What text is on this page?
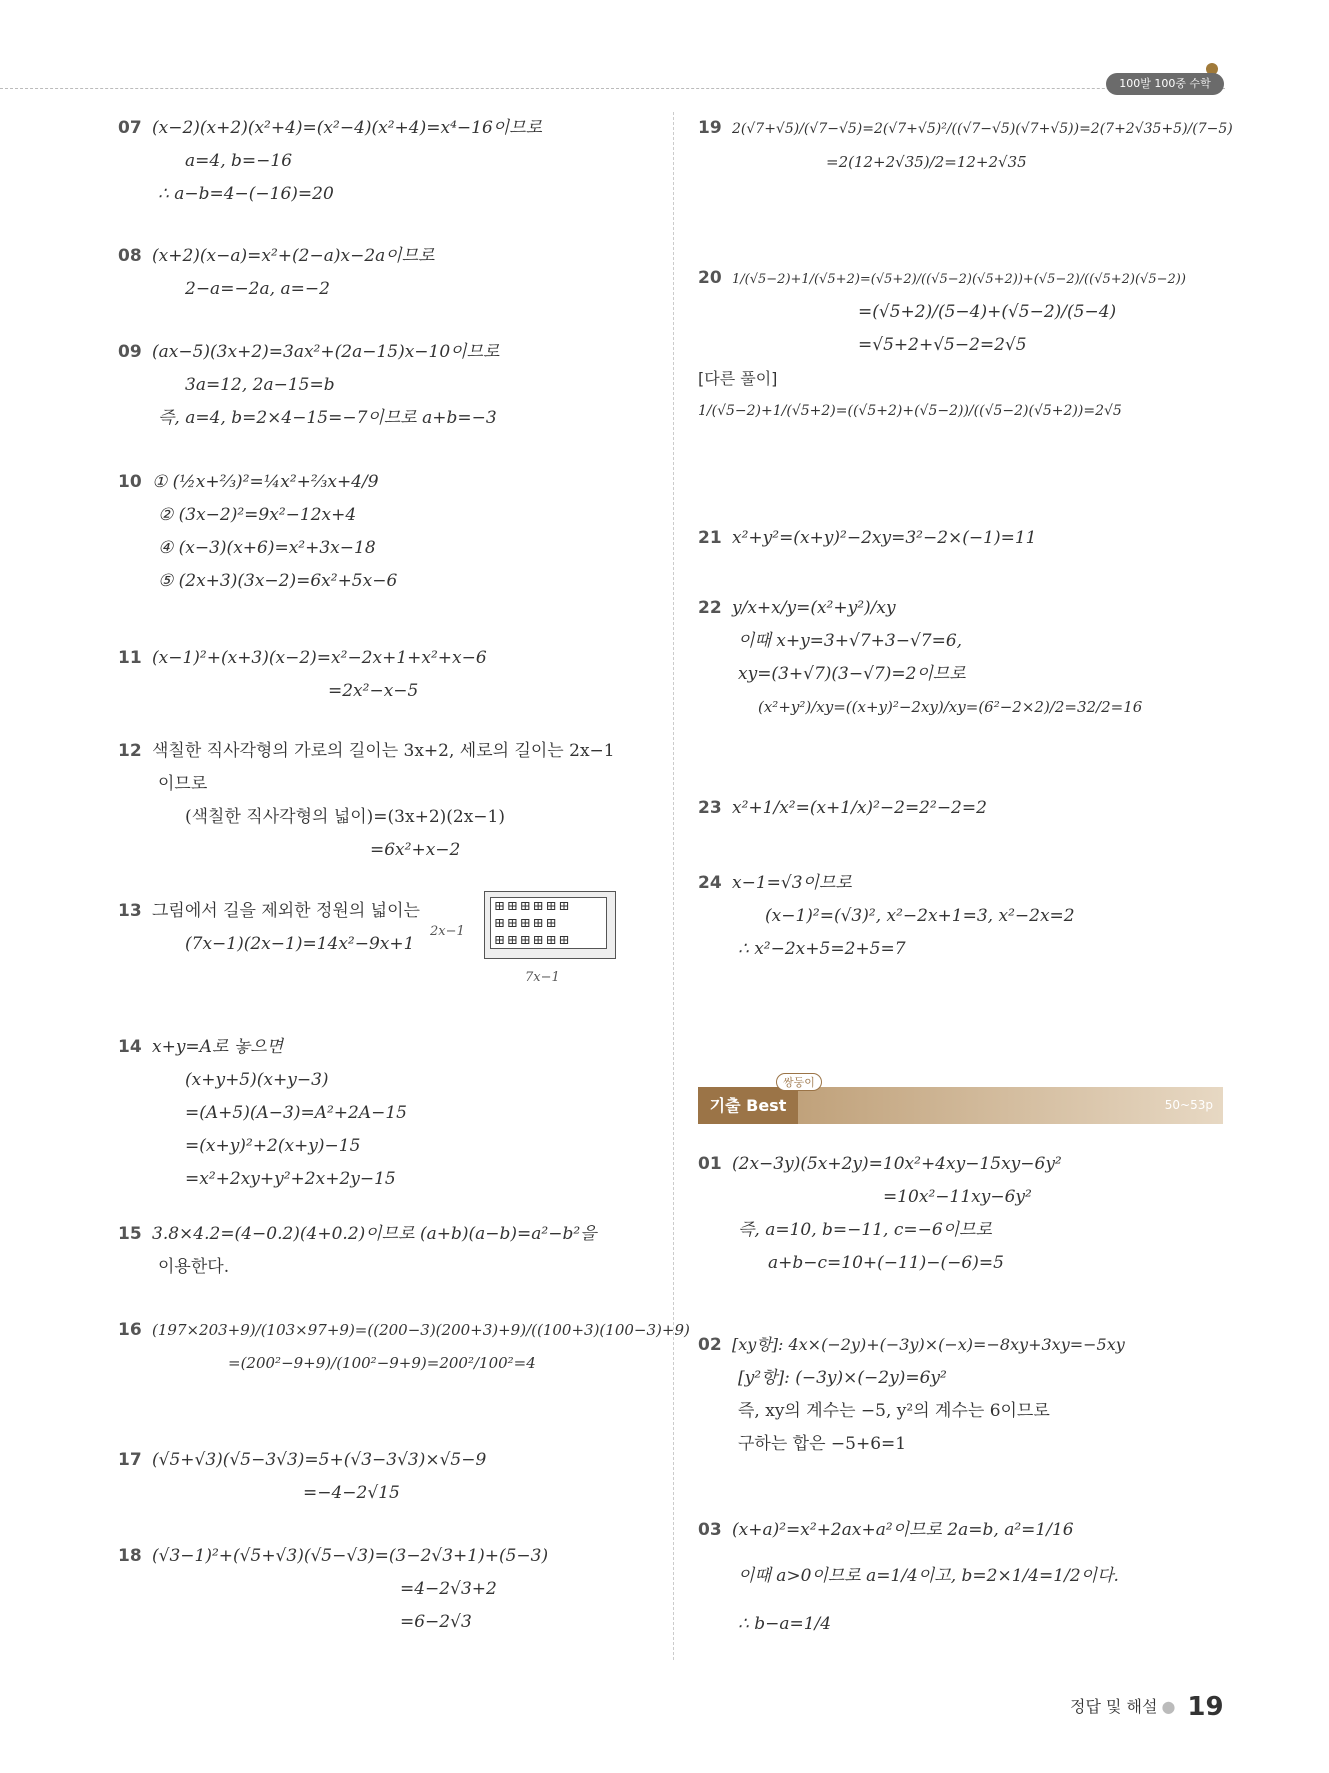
100발 100중 수학
07 (x−2)(x+2)(x²+4)=(x²−4)(x²+4)=x⁴−16이므로
a=4, b=−16
∴ a−b=4−(−16)=20
08 (x+2)(x−a)=x²+(2−a)x−2a이므로
2−a=−2a, a=−2
09 (ax−5)(3x+2)=3ax²+(2a−15)x−10이므로
3a=12, 2a−15=b
즉, a=4, b=2×4−15=−7이므로 a+b=−3
10 ① (½x+⅔)²=¼x²+⅔x+4/9
② (3x−2)²=9x²−12x+4
④ (x−3)(x+6)=x²+3x−18
⑤ (2x+3)(3x−2)=6x²+5x−6
11 (x−1)²+(x+3)(x−2)=x²−2x+1+x²+x−6
=2x²−x−5
12 색칠한 직사각형의 가로의 길이는 3x+2, 세로의 길이는 2x−1
이므로
(색칠한 직사각형의 넓이)=(3x+2)(2x−1)
=6x²+x−2
13 그림에서 길을 제외한 정원의 넓이는
(7x−1)(2x−1)=14x²−9x+1
⊞⊞⊞⊞⊞⊞ ⊞⊞⊞⊞⊞ ⊞⊞⊞⊞⊞⊞
2x−1
7x−1
14 x+y=A로 놓으면
(x+y+5)(x+y−3)
=(A+5)(A−3)=A²+2A−15
=(x+y)²+2(x+y)−15
=x²+2xy+y²+2x+2y−15
15 3.8×4.2=(4−0.2)(4+0.2)이므로 (a+b)(a−b)=a²−b²을
이용한다.
16 (197×203+9)/(103×97+9)=((200−3)(200+3)+9)/((100+3)(100−3)+9)
=(200²−9+9)/(100²−9+9)=200²/100²=4
17 (√5+√3)(√5−3√3)=5+(√3−3√3)×√5−9
=−4−2√15
18 (√3−1)²+(√5+√3)(√5−√3)=(3−2√3+1)+(5−3)
=4−2√3+2
=6−2√3
19 2(√7+√5)/(√7−√5)=2(√7+√5)²/((√7−√5)(√7+√5))=2(7+2√35+5)/(7−5)
=2(12+2√35)/2=12+2√35
20 1/(√5−2)+1/(√5+2)=(√5+2)/((√5−2)(√5+2))+(√5−2)/((√5+2)(√5−2))
=(√5+2)/(5−4)+(√5−2)/(5−4)
=√5+2+√5−2=2√5
[다른 풀이]
1/(√5−2)+1/(√5+2)=((√5+2)+(√5−2))/((√5−2)(√5+2))=2√5
21 x²+y²=(x+y)²−2xy=3²−2×(−1)=11
22 y/x+x/y=(x²+y²)/xy
이때 x+y=3+√7+3−√7=6,
xy=(3+√7)(3−√7)=2이므로
(x²+y²)/xy=((x+y)²−2xy)/xy=(6²−2×2)/2=32/2=16
23 x²+1/x²=(x+1/x)²−2=2²−2=2
24 x−1=√3이므로
(x−1)²=(√3)², x²−2x+1=3, x²−2x=2
∴ x²−2x+5=2+5=7
기출 Best
쌍둥이
50~53p
01 (2x−3y)(5x+2y)=10x²+4xy−15xy−6y²
=10x²−11xy−6y²
즉, a=10, b=−11, c=−6이므로
a+b−c=10+(−11)−(−6)=5
02 [xy항]: 4x×(−2y)+(−3y)×(−x)=−8xy+3xy=−5xy
[y²항]: (−3y)×(−2y)=6y²
즉, xy의 계수는 −5, y²의 계수는 6이므로
구하는 합은 −5+6=1
03 (x+a)²=x²+2ax+a²이므로 2a=b, a²=1/16
이때 a>0이므로 a=1/4이고, b=2×1/4=1/2이다.
∴ b−a=1/4
정답 및 해설 ● 19
